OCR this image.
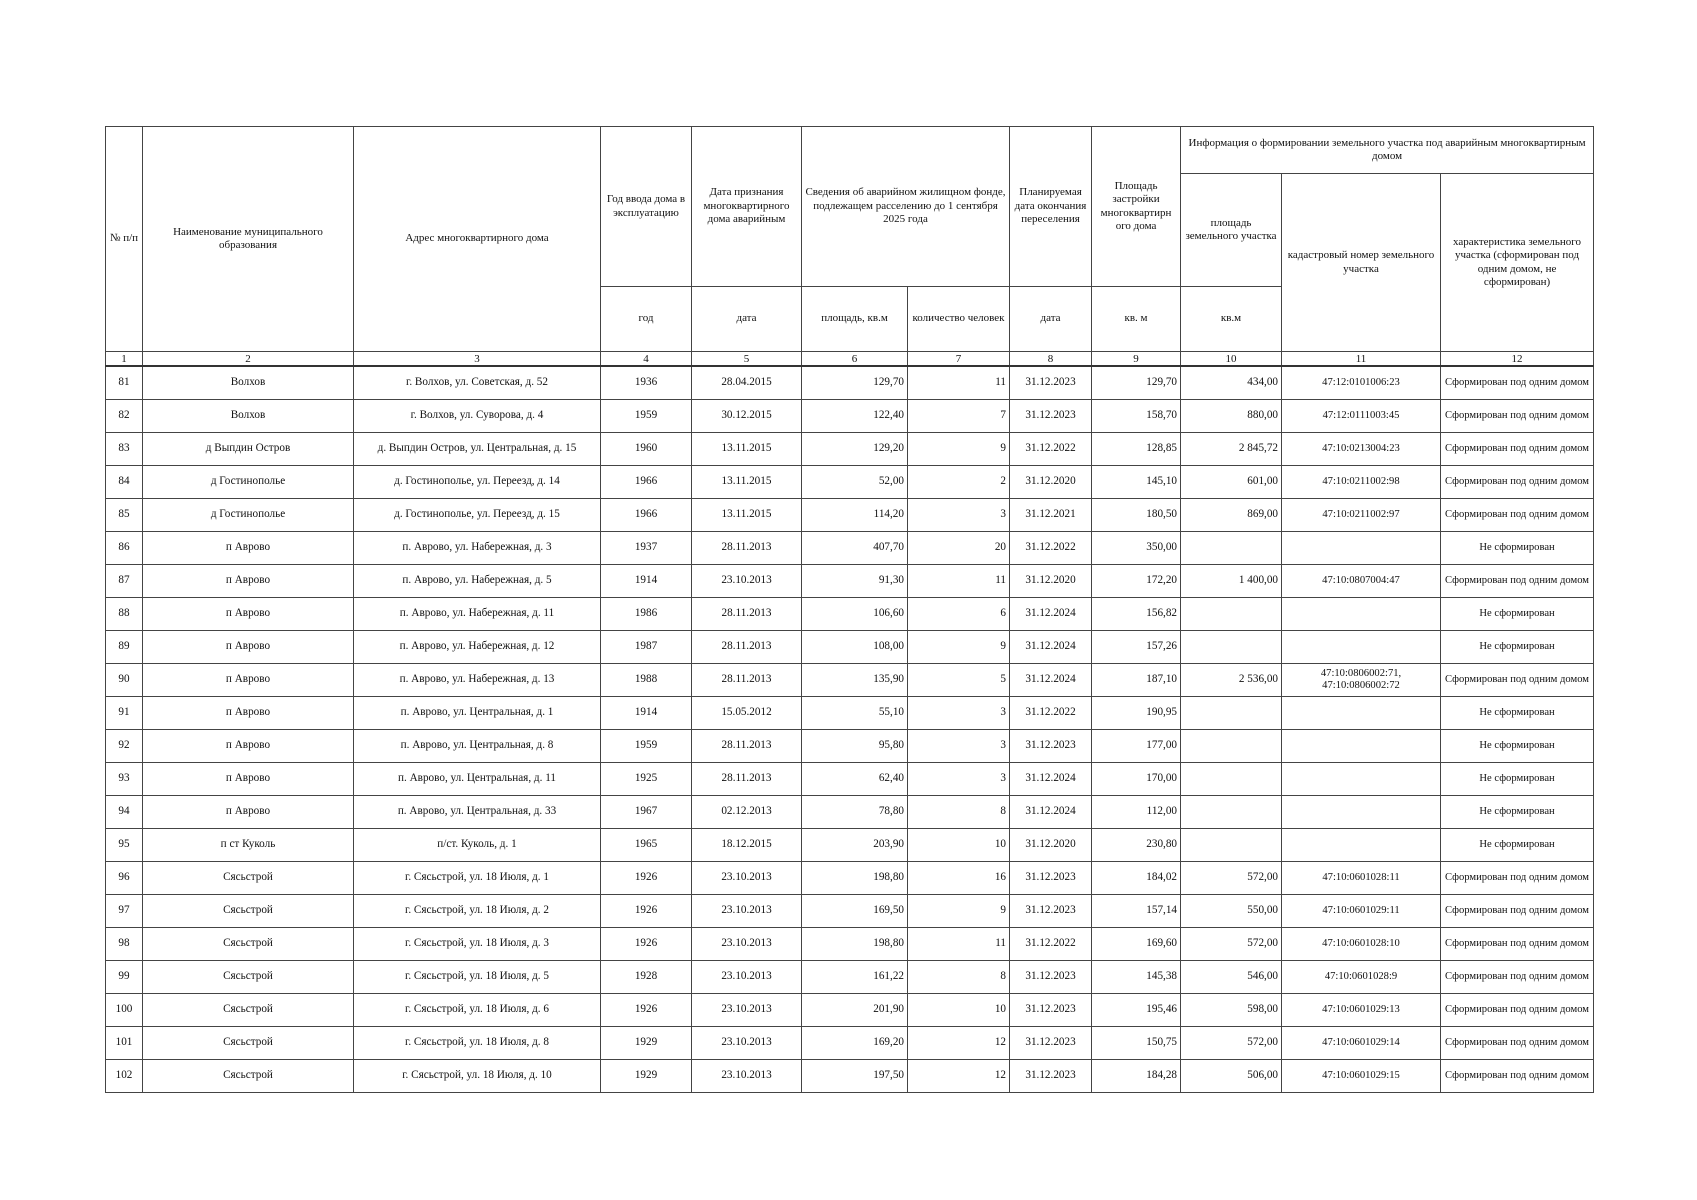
№ п/п	Наименование муниципального образования	Адрес многоквартирного дома	Год ввода дома в эксплуатацию	Дата признания многоквартирного дома аварийным	Сведения об аварийном жилищном фонде, подлежащем расселению до 1 сентября 2025 года		Планируемая дата окончания переселения	Площадь застройки многоквартирн ого дома	Информация о формировании земельного участка под аварийным многоквартирным домом		
									площадь земельного участка	кадастровый номер земельного участка	характеристика земельного участка (сформирован под одним домом, не сформирован)
			год	дата	площадь, кв.м	количество человек	дата	кв. м	кв.м		
1	2	3	4	5	6	7	8	9	10	11	12
81	Волхов	г. Волхов, ул. Советская, д. 52	1936	28.04.2015	129,70	11	31.12.2023	129,70	434,00	47:12:0101006:23	Сформирован под одним домом
82	Волхов	г. Волхов, ул. Суворова, д. 4	1959	30.12.2015	122,40	7	31.12.2023	158,70	880,00	47:12:0111003:45	Сформирован под одним домом
83	д Выпдин Остров	д. Выпдин Остров, ул. Центральная, д. 15	1960	13.11.2015	129,20	9	31.12.2022	128,85	2 845,72	47:10:0213004:23	Сформирован под одним домом
84	д Гостинополье	д. Гостинополье, ул. Переезд, д. 14	1966	13.11.2015	52,00	2	31.12.2020	145,10	601,00	47:10:0211002:98	Сформирован под одним домом
85	д Гостинополье	д. Гостинополье, ул. Переезд, д. 15	1966	13.11.2015	114,20	3	31.12.2021	180,50	869,00	47:10:0211002:97	Сформирован под одним домом
86	п Аврово	п. Аврово, ул. Набережная, д. 3	1937	28.11.2013	407,70	20	31.12.2022	350,00			Не сформирован
87	п Аврово	п. Аврово, ул. Набережная, д. 5	1914	23.10.2013	91,30	11	31.12.2020	172,20	1 400,00	47:10:0807004:47	Сформирован под одним домом
88	п Аврово	п. Аврово, ул. Набережная, д. 11	1986	28.11.2013	106,60	6	31.12.2024	156,82			Не сформирован
89	п Аврово	п. Аврово, ул. Набережная, д. 12	1987	28.11.2013	108,00	9	31.12.2024	157,26			Не сформирован
90	п Аврово	п. Аврово, ул. Набережная, д. 13	1988	28.11.2013	135,90	5	31.12.2024	187,10	2 536,00	47:10:0806002:71, 47:10:0806002:72	Сформирован под одним домом
91	п Аврово	п. Аврово, ул. Центральная, д. 1	1914	15.05.2012	55,10	3	31.12.2022	190,95			Не сформирован
92	п Аврово	п. Аврово, ул. Центральная, д. 8	1959	28.11.2013	95,80	3	31.12.2023	177,00			Не сформирован
93	п Аврово	п. Аврово, ул. Центральная, д. 11	1925	28.11.2013	62,40	3	31.12.2024	170,00			Не сформирован
94	п Аврово	п. Аврово, ул. Центральная, д. 33	1967	02.12.2013	78,80	8	31.12.2024	112,00			Не сформирован
95	п ст Куколь	п/ст. Куколь, д. 1	1965	18.12.2015	203,90	10	31.12.2020	230,80			Не сформирован
96	Сясьстрой	г. Сясьстрой, ул. 18 Июля, д. 1	1926	23.10.2013	198,80	16	31.12.2023	184,02	572,00	47:10:0601028:11	Сформирован под одним домом
97	Сясьстрой	г. Сясьстрой, ул. 18 Июля, д. 2	1926	23.10.2013	169,50	9	31.12.2023	157,14	550,00	47:10:0601029:11	Сформирован под одним домом
98	Сясьстрой	г. Сясьстрой, ул. 18 Июля, д. 3	1926	23.10.2013	198,80	11	31.12.2022	169,60	572,00	47:10:0601028:10	Сформирован под одним домом
99	Сясьстрой	г. Сясьстрой, ул. 18 Июля, д. 5	1928	23.10.2013	161,22	8	31.12.2023	145,38	546,00	47:10:0601028:9	Сформирован под одним домом
100	Сясьстрой	г. Сясьстрой, ул. 18 Июля, д. 6	1926	23.10.2013	201,90	10	31.12.2023	195,46	598,00	47:10:0601029:13	Сформирован под одним домом
101	Сясьстрой	г. Сясьстрой, ул. 18 Июля, д. 8	1929	23.10.2013	169,20	12	31.12.2023	150,75	572,00	47:10:0601029:14	Сформирован под одним домом
102	Сясьстрой	г. Сясьстрой, ул. 18 Июля, д. 10	1929	23.10.2013	197,50	12	31.12.2023	184,28	506,00	47:10:0601029:15	Сформирован под одним домом
